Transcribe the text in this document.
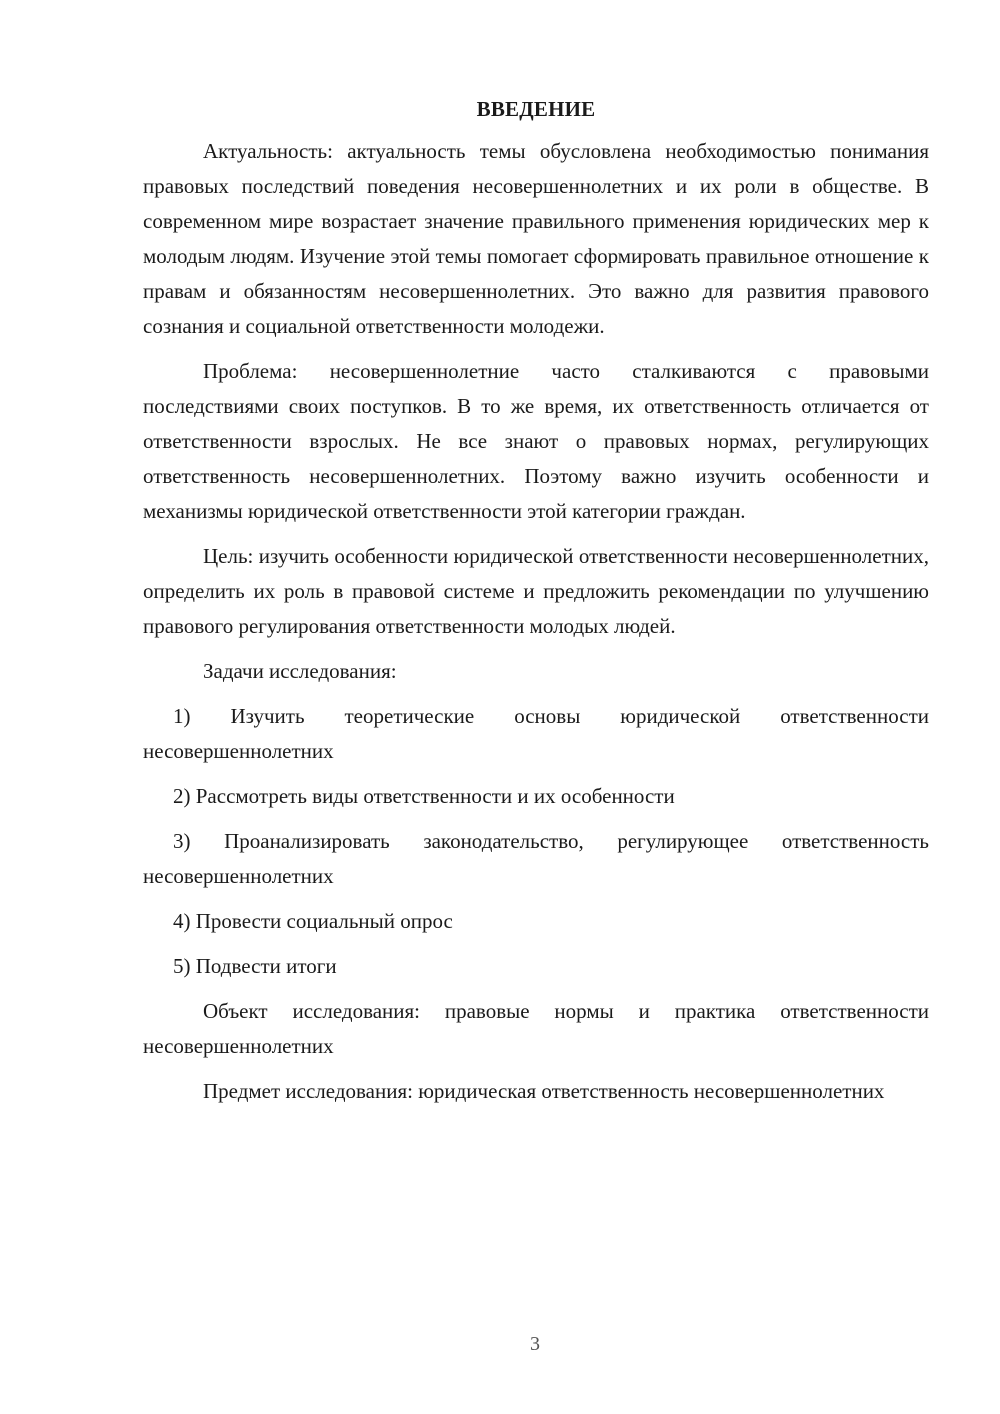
ВВЕДЕНИЕ

Актуальность: актуальность темы обусловлена необходимостью понимания правовых последствий поведения несовершеннолетних и их роли в обществе. В современном мире возрастает значение правильного применения юридических мер к молодым людям. Изучение этой темы помогает сформировать правильное отношение к правам и обязанностям несовершеннолетних. Это важно для развития правового сознания и социальной ответственности молодежи.

Проблема: несовершеннолетние часто сталкиваются с правовыми последствиями своих поступков. В то же время, их ответственность отличается от ответственности взрослых. Не все знают о правовых нормах, регулирующих ответственность несовершеннолетних. Поэтому важно изучить особенности и механизмы юридической ответственности этой категории граждан.

Цель: изучить особенности юридической ответственности несовершеннолетних, определить их роль в правовой системе и предложить рекомендации по улучшению правового регулирования ответственности молодых людей.

Задачи исследования:

1) Изучить теоретические основы юридической ответственности несовершеннолетних

2) Рассмотреть виды ответственности и их особенности

3) Проанализировать законодательство, регулирующее ответственность несовершеннолетних

4) Провести социальный опрос

5) Подвести итоги

Объект исследования: правовые нормы и практика ответственности несовершеннолетних

Предмет исследования: юридическая ответственность несовершеннолетних

3
